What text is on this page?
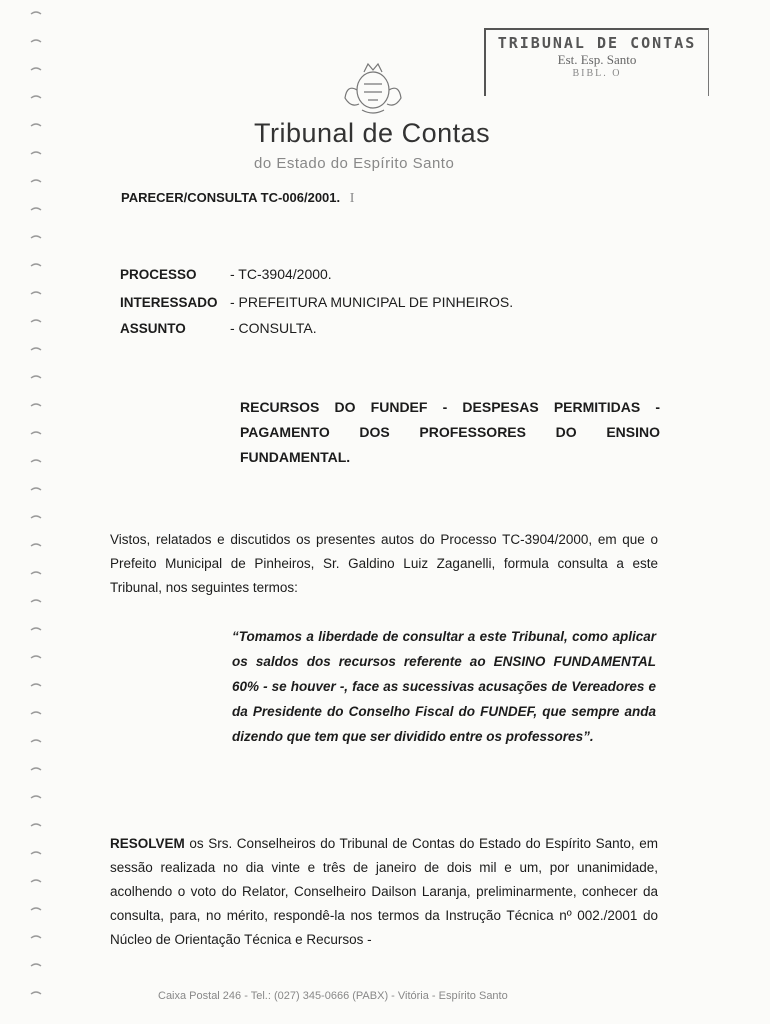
TRIBUNAL DE CONTAS
Est. Esp. Santo
BIBL. O
Tribunal de Contas
do Estado do Espírito Santo
PARECER/CONSULTA TC-006/2001. I
PROCESSO - TC-3904/2000.
INTERESSADO - PREFEITURA MUNICIPAL DE PINHEIROS.
ASSUNTO	- CONSULTA.
RECURSOS DO FUNDEF - DESPESAS PERMITIDAS - PAGAMENTO DOS PROFESSORES DO ENSINO FUNDAMENTAL.
Vistos, relatados e discutidos os presentes autos do Processo TC-3904/2000, em que o Prefeito Municipal de Pinheiros, Sr. Galdino Luiz Zaganelli, formula consulta a este Tribunal, nos seguintes termos:
“Tomamos a liberdade de consultar a este Tribunal, como aplicar os saldos dos recursos referente ao ENSINO FUNDAMENTAL 60% - se houver -, face as sucessivas acusações de Vereadores e da Presidente do Conselho Fiscal do FUNDEF, que sempre anda dizendo que tem que ser dividido entre os professores”.
RESOLVEM os Srs. Conselheiros do Tribunal de Contas do Estado do Espírito Santo, em sessão realizada no dia vinte e três de janeiro de dois mil e um, por unanimidade, acolhendo o voto do Relator, Conselheiro Dailson Laranja, preliminarmente, conhecer da consulta, para, no mérito, respondê-la nos termos da Instrução Técnica nº 002./2001 do Núcleo de Orientação Técnica e Recursos -
Caixa Postal 246 - Tel.: (027) 345-0666 (PABX) - Vitória - Espírito Santo
